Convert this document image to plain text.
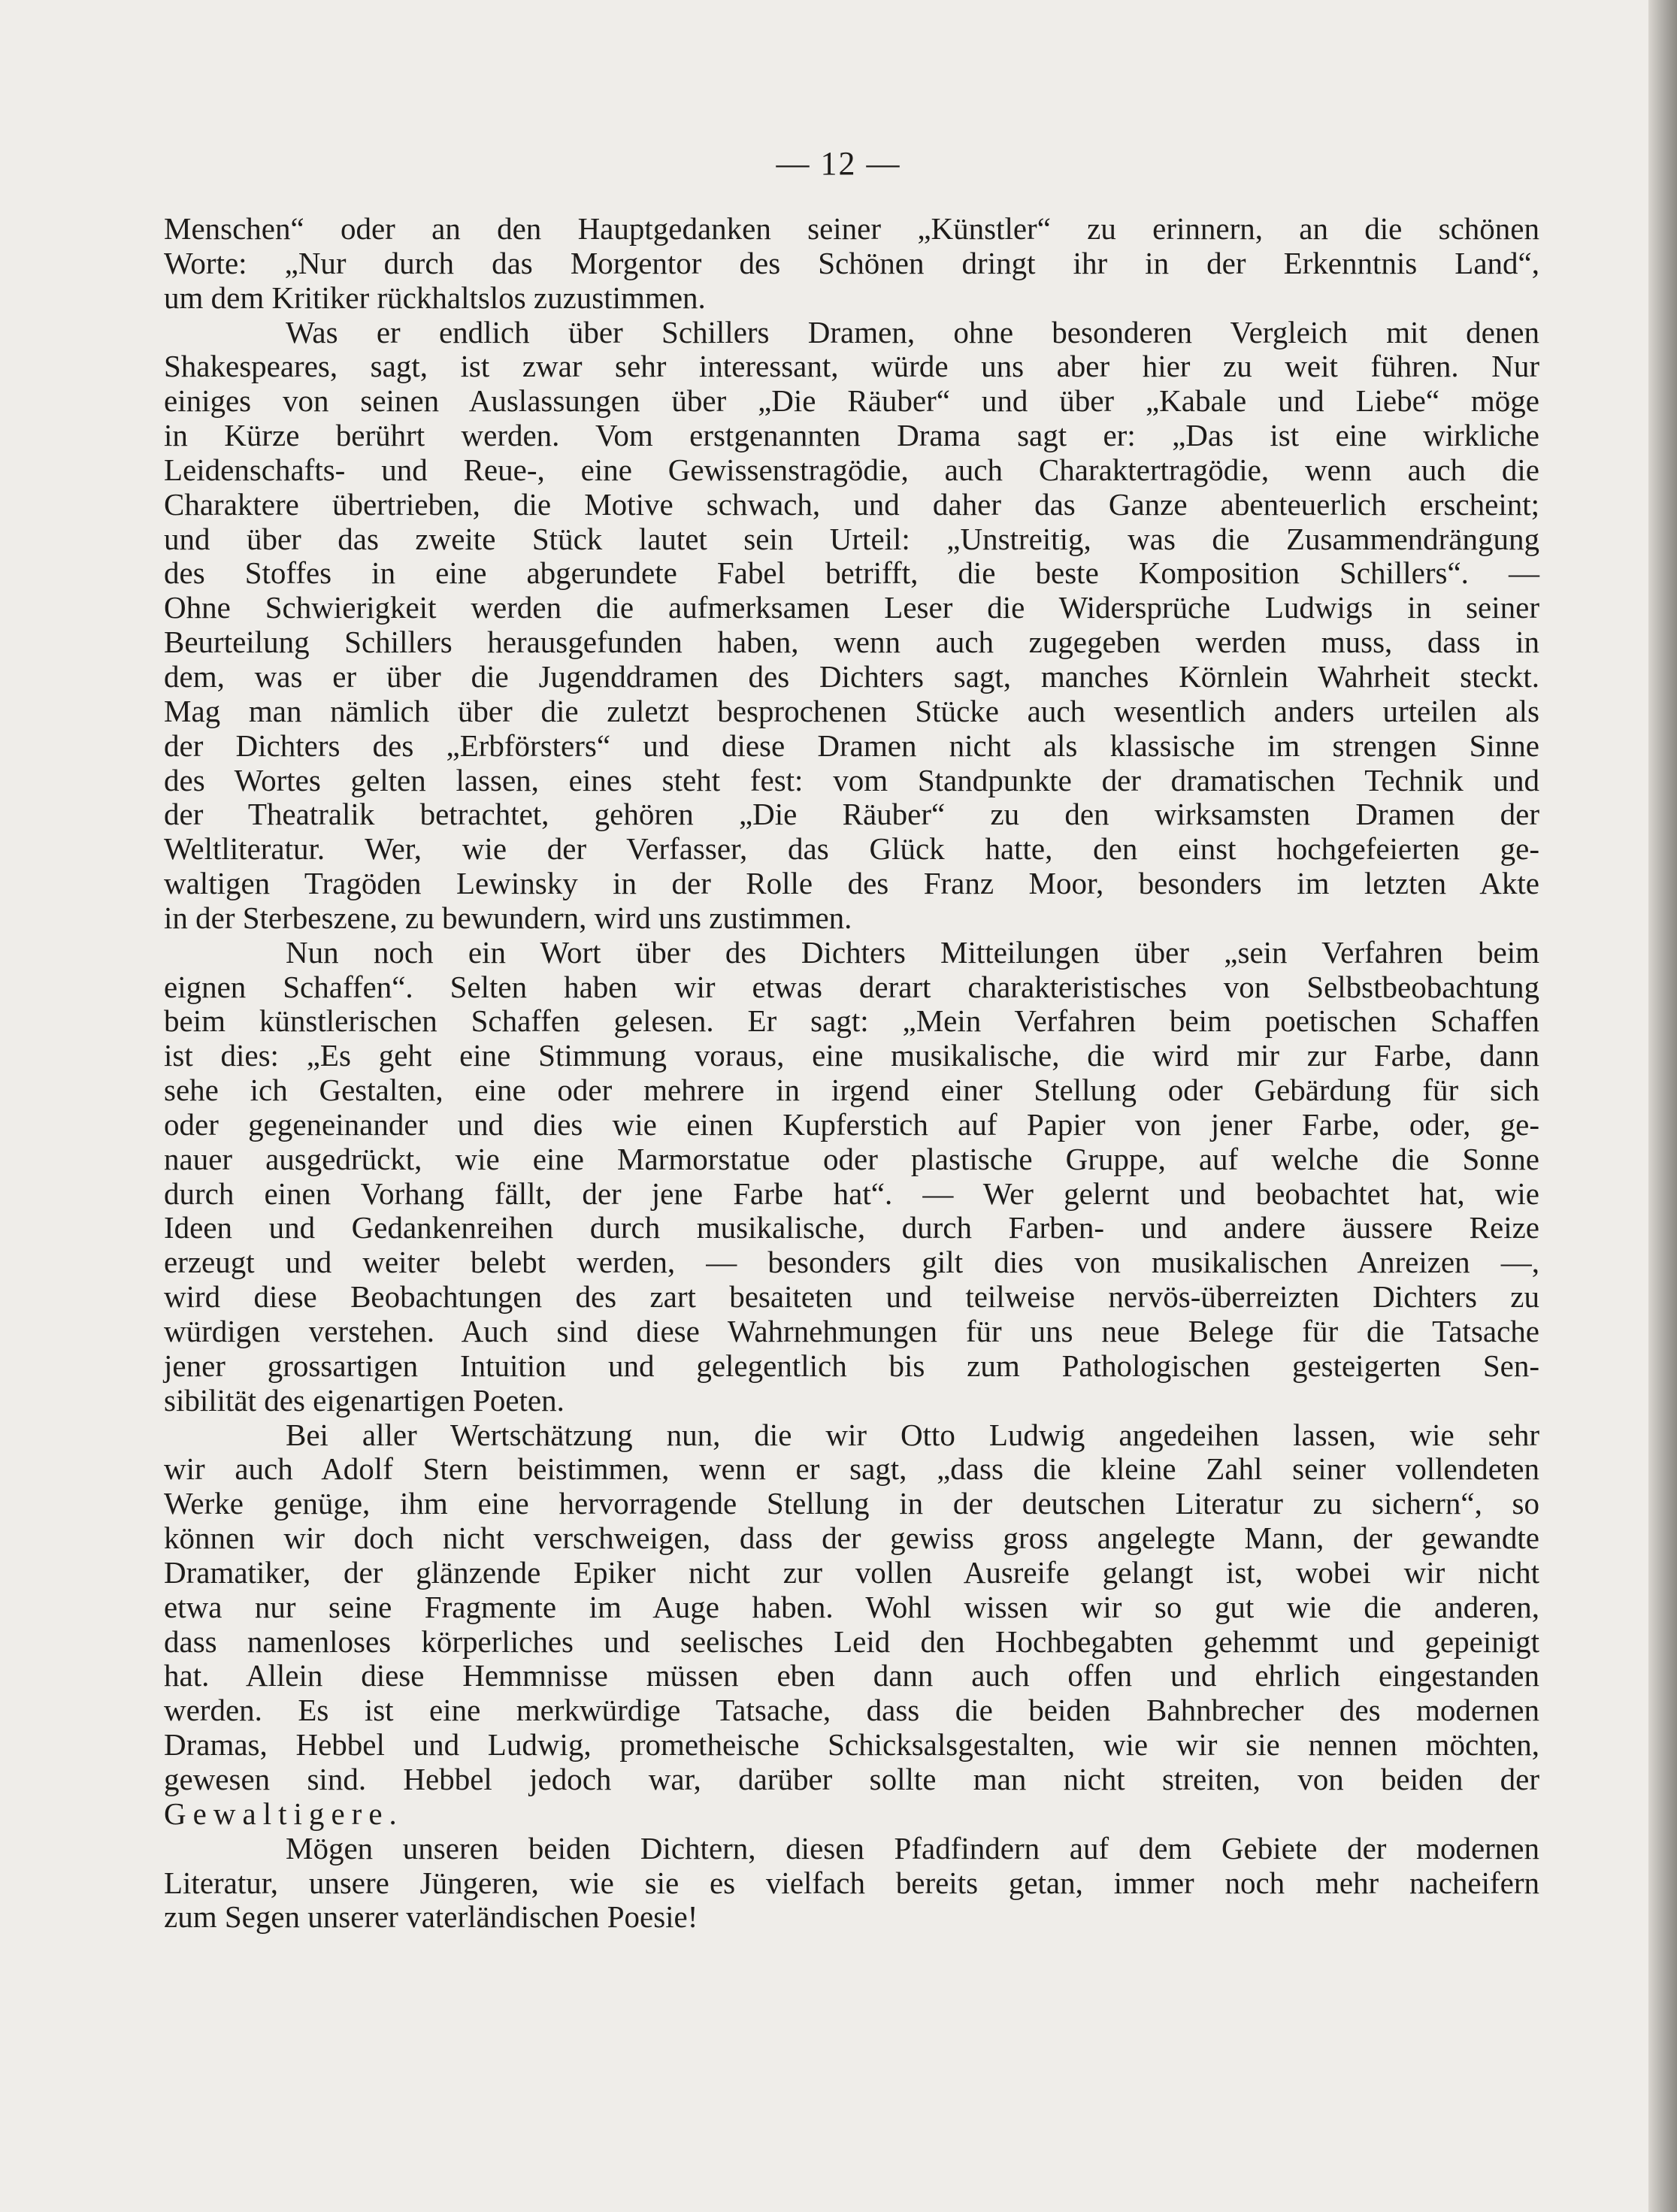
— 12 —
Menschen“ oder an den Hauptgedanken seiner „Künstler“ zu erinnern, an die schönen
Worte: „Nur durch das Morgentor des Schönen dringt ihr in der Erkenntnis Land“,
um dem Kritiker rückhaltslos zuzustimmen.
Was er endlich über Schillers Dramen, ohne besonderen Vergleich mit denen
Shakespeares, sagt, ist zwar sehr interessant, würde uns aber hier zu weit führen. Nur
einiges von seinen Auslassungen über „Die Räuber“ und über „Kabale und Liebe“ möge
in Kürze berührt werden. Vom erstgenannten Drama sagt er: „Das ist eine wirkliche
Leidenschafts- und Reue-, eine Gewissenstragödie, auch Charaktertragödie, wenn auch die
Charaktere übertrieben, die Motive schwach, und daher das Ganze abenteuerlich erscheint;
und über das zweite Stück lautet sein Urteil: „Unstreitig, was die Zusammendrängung
des Stoffes in eine abgerundete Fabel betrifft, die beste Komposition Schillers“. —
Ohne Schwierigkeit werden die aufmerksamen Leser die Widersprüche Ludwigs in seiner
Beurteilung Schillers herausgefunden haben, wenn auch zugegeben werden muss, dass in
dem, was er über die Jugenddramen des Dichters sagt, manches Körnlein Wahrheit steckt.
Mag man nämlich über die zuletzt besprochenen Stücke auch wesentlich anders urteilen als
der Dichters des „Erbförsters“ und diese Dramen nicht als klassische im strengen Sinne
des Wortes gelten lassen, eines steht fest: vom Standpunkte der dramatischen Technik und
der Theatralik betrachtet, gehören „Die Räuber“ zu den wirksamsten Dramen der
Weltliteratur. Wer, wie der Verfasser, das Glück hatte, den einst hochgefeierten ge-
waltigen Tragöden Lewinsky in der Rolle des Franz Moor, besonders im letzten Akte
in der Sterbeszene, zu bewundern, wird uns zustimmen.
Nun noch ein Wort über des Dichters Mitteilungen über „sein Verfahren beim
eignen Schaffen“. Selten haben wir etwas derart charakteristisches von Selbstbeobachtung
beim künstlerischen Schaffen gelesen. Er sagt: „Mein Verfahren beim poetischen Schaffen
ist dies: „Es geht eine Stimmung voraus, eine musikalische, die wird mir zur Farbe, dann
sehe ich Gestalten, eine oder mehrere in irgend einer Stellung oder Gebärdung für sich
oder gegeneinander und dies wie einen Kupferstich auf Papier von jener Farbe, oder, ge-
nauer ausgedrückt, wie eine Marmorstatue oder plastische Gruppe, auf welche die Sonne
durch einen Vorhang fällt, der jene Farbe hat“. — Wer gelernt und beobachtet hat, wie
Ideen und Gedankenreihen durch musikalische, durch Farben- und andere äussere Reize
erzeugt und weiter belebt werden, — besonders gilt dies von musikalischen Anreizen —,
wird diese Beobachtungen des zart besaiteten und teilweise nervös-überreizten Dichters zu
würdigen verstehen. Auch sind diese Wahrnehmungen für uns neue Belege für die Tatsache
jener grossartigen Intuition und gelegentlich bis zum Pathologischen gesteigerten Sen-
sibilität des eigenartigen Poeten.
Bei aller Wertschätzung nun, die wir Otto Ludwig angedeihen lassen, wie sehr
wir auch Adolf Stern beistimmen, wenn er sagt, „dass die kleine Zahl seiner vollendeten
Werke genüge, ihm eine hervorragende Stellung in der deutschen Literatur zu sichern“, so
können wir doch nicht verschweigen, dass der gewiss gross angelegte Mann, der gewandte
Dramatiker, der glänzende Epiker nicht zur vollen Ausreife gelangt ist, wobei wir nicht
etwa nur seine Fragmente im Auge haben. Wohl wissen wir so gut wie die anderen,
dass namenloses körperliches und seelisches Leid den Hochbegabten gehemmt und gepeinigt
hat. Allein diese Hemmnisse müssen eben dann auch offen und ehrlich eingestanden
werden. Es ist eine merkwürdige Tatsache, dass die beiden Bahnbrecher des modernen
Dramas, Hebbel und Ludwig, prometheische Schicksalsgestalten, wie wir sie nennen möchten,
gewesen sind. Hebbel jedoch war, darüber sollte man nicht streiten, von beiden der
Gewaltigere.
Mögen unseren beiden Dichtern, diesen Pfadfindern auf dem Gebiete der modernen
Literatur, unsere Jüngeren, wie sie es vielfach bereits getan, immer noch mehr nacheifern
zum Segen unserer vaterländischen Poesie!
